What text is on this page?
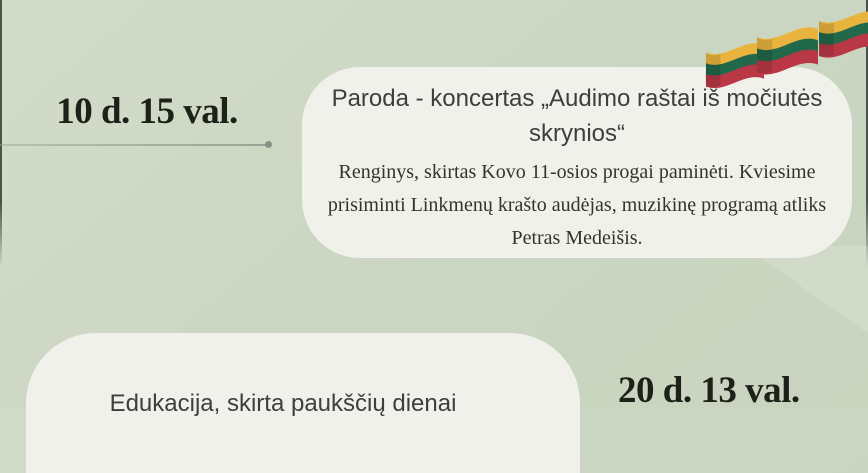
10 d. 15 val.	Paroda - koncertas „Audimo raštai iš močiutės skrynios“

Renginys, skirtas Kovo 11-osios progai paminėti. Kviesime prisiminti Linkmenų krašto audėjas, muzikinę programą atliks Petras Medeišis.

Edukacija, skirta paukščių dienai	20 d. 13 val.
